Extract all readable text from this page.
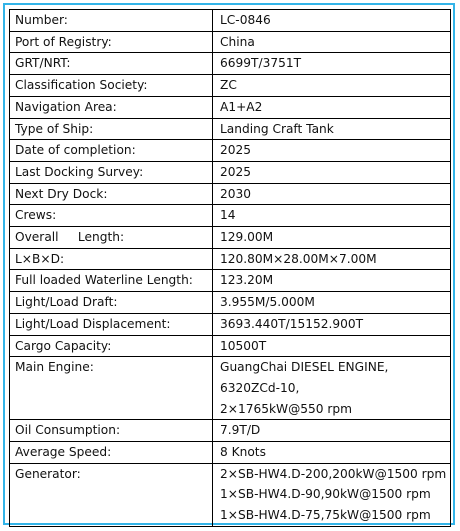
Number:	LC-0846

Port of Registry:	China

GRT/NRT:	6699T/3751T

Classification Society:	ZC

Navigation Area:	A1+A2

Type of Ship:	Landing Craft Tank

Date of completion:	2025

Last Docking Survey:	2025

Next Dry Dock:	2030

Crews:	14

Overall     Length:	129.00M

L×B×D:	120.80M×28.00M×7.00M

Full loaded Waterline Length:	123.20M

Light/Load Draft:	3.955M/5.000M

Light/Load Displacement:	3693.440T/15152.900T

Cargo Capacity:	10500T

Main Engine:	GuangChai DIESEL ENGINE,
6320ZCd-10,
2×1765kW@550 rpm

Oil Consumption:	7.9T/D

Average Speed:	8 Knots

Generator:	2×SB-HW4.D-200,200kW@1500 rpm
1×SB-HW4.D-90,90kW@1500 rpm
1×SB-HW4.D-75,75kW@1500 rpm
